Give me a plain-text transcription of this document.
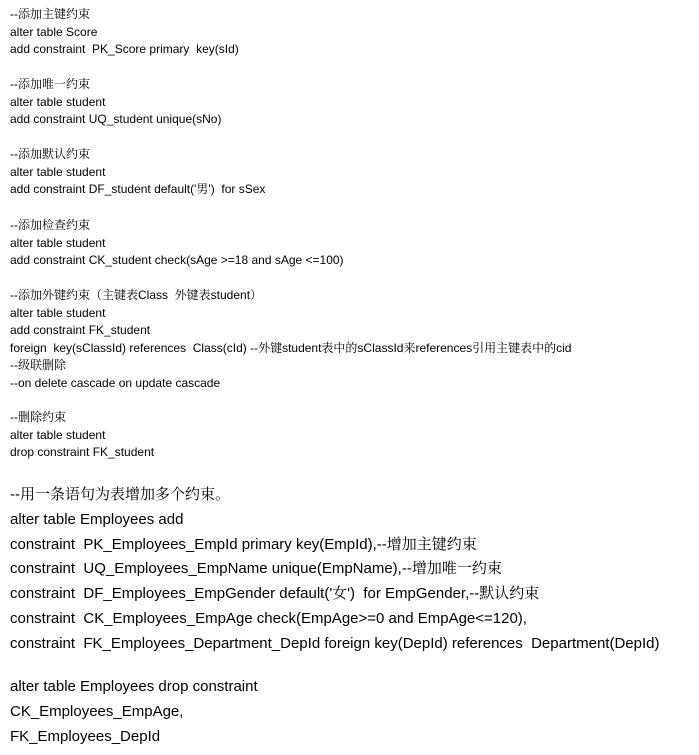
--添加主键约束
alter table Score
add constraint  PK_Score primary  key(sId)
--添加唯一约束
alter table student
add constraint UQ_student unique(sNo)
--添加默认约束
alter table student
add constraint DF_student default('男')  for sSex
--添加检查约束
alter table student
add constraint CK_student check(sAge >=18 and sAge <=100)
--添加外键约束（主键表Class  外键表student）
alter table student
add constraint FK_student
foreign  key(sClassId) references  Class(cId) --外键student表中的sClassId来references引用主键表中的cid
--级联删除
--on delete cascade on update cascade
--删除约束
alter table student
drop constraint FK_student
--用一条语句为表增加多个约束。
alter table Employees add
constraint  PK_Employees_EmpId primary key(EmpId),--增加主键约束
constraint  UQ_Employees_EmpName unique(EmpName),--增加唯一约束
constraint  DF_Employees_EmpGender default('女')  for EmpGender,--默认约束
constraint  CK_Employees_EmpAge check(EmpAge>=0 and EmpAge<=120),
constraint  FK_Employees_Department_DepId foreign key(DepId) references  Department(DepId)
alter table Employees drop constraint
CK_Employees_EmpAge,
FK_Employees_DepId
